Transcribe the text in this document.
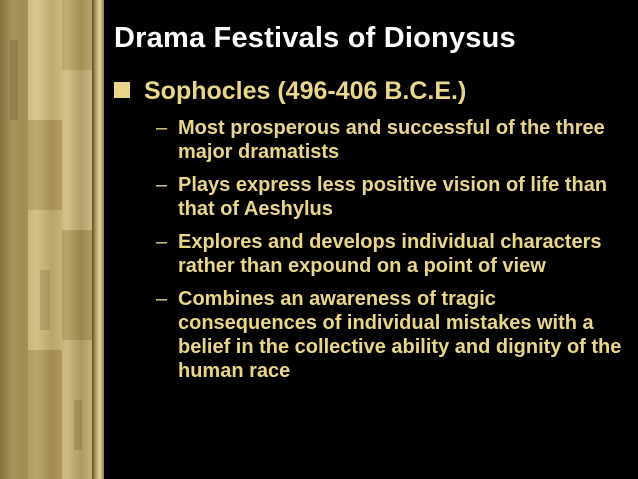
Drama Festivals of Dionysus
Sophocles (496-406 B.C.E.)
– Most prosperous and successful of the three major dramatists
– Plays express less positive vision of life than that of Aeshylus
– Explores and develops individual characters rather than expound on a point of view
– Combines an awareness of tragic consequences of individual mistakes with a belief in the collective ability and dignity of the human race
